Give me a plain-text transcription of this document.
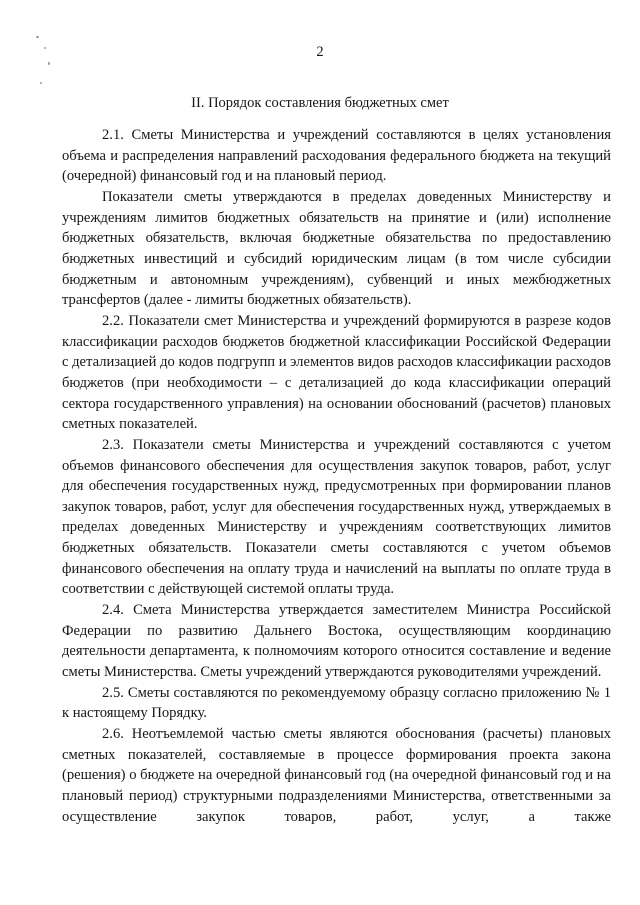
2
II. Порядок составления бюджетных смет

2.1. Сметы Министерства и учреждений составляются в целях установления объема и распределения направлений расходования федерального бюджета на текущий (очередной) финансовый год и на плановый период.

Показатели сметы утверждаются в пределах доведенных Министерству и учреждениям лимитов бюджетных обязательств на принятие и (или) исполнение бюджетных обязательств, включая бюджетные обязательства по предоставлению бюджетных инвестиций и субсидий юридическим лицам (в том числе субсидии бюджетным и автономным учреждениям), субвенций и иных межбюджетных трансфертов (далее - лимиты бюджетных обязательств).

2.2. Показатели смет Министерства и учреждений формируются в разрезе кодов классификации расходов бюджетов бюджетной классификации Российской Федерации с детализацией до кодов подгрупп и элементов видов расходов классификации расходов бюджетов (при необходимости – с детализацией до кода классификации операций сектора государственного управления) на основании обоснований (расчетов) плановых сметных показателей.

2.3. Показатели сметы Министерства и учреждений составляются с учетом объемов финансового обеспечения для осуществления закупок товаров, работ, услуг для обеспечения государственных нужд, предусмотренных при формировании планов закупок товаров, работ, услуг для обеспечения государственных нужд, утверждаемых в пределах доведенных Министерству и учреждениям соответствующих лимитов бюджетных обязательств. Показатели сметы составляются с учетом объемов финансового обеспечения на оплату труда и начислений на выплаты по оплате труда в соответствии с действующей системой оплаты труда.

2.4. Смета Министерства утверждается заместителем Министра Российской Федерации по развитию Дальнего Востока, осуществляющим координацию деятельности департамента, к полномочиям которого относится составление и ведение сметы Министерства. Сметы учреждений утверждаются руководителями учреждений.

2.5. Сметы составляются по рекомендуемому образцу согласно приложению № 1 к настоящему Порядку.

2.6. Неотъемлемой частью сметы являются обоснования (расчеты) плановых сметных показателей, составляемые в процессе формирования проекта закона (решения) о бюджете на очередной финансовый год (на очередной финансовый год и на плановый период) структурными подразделениями Министерства, ответственными за осуществление закупок товаров, работ, услуг, а также
